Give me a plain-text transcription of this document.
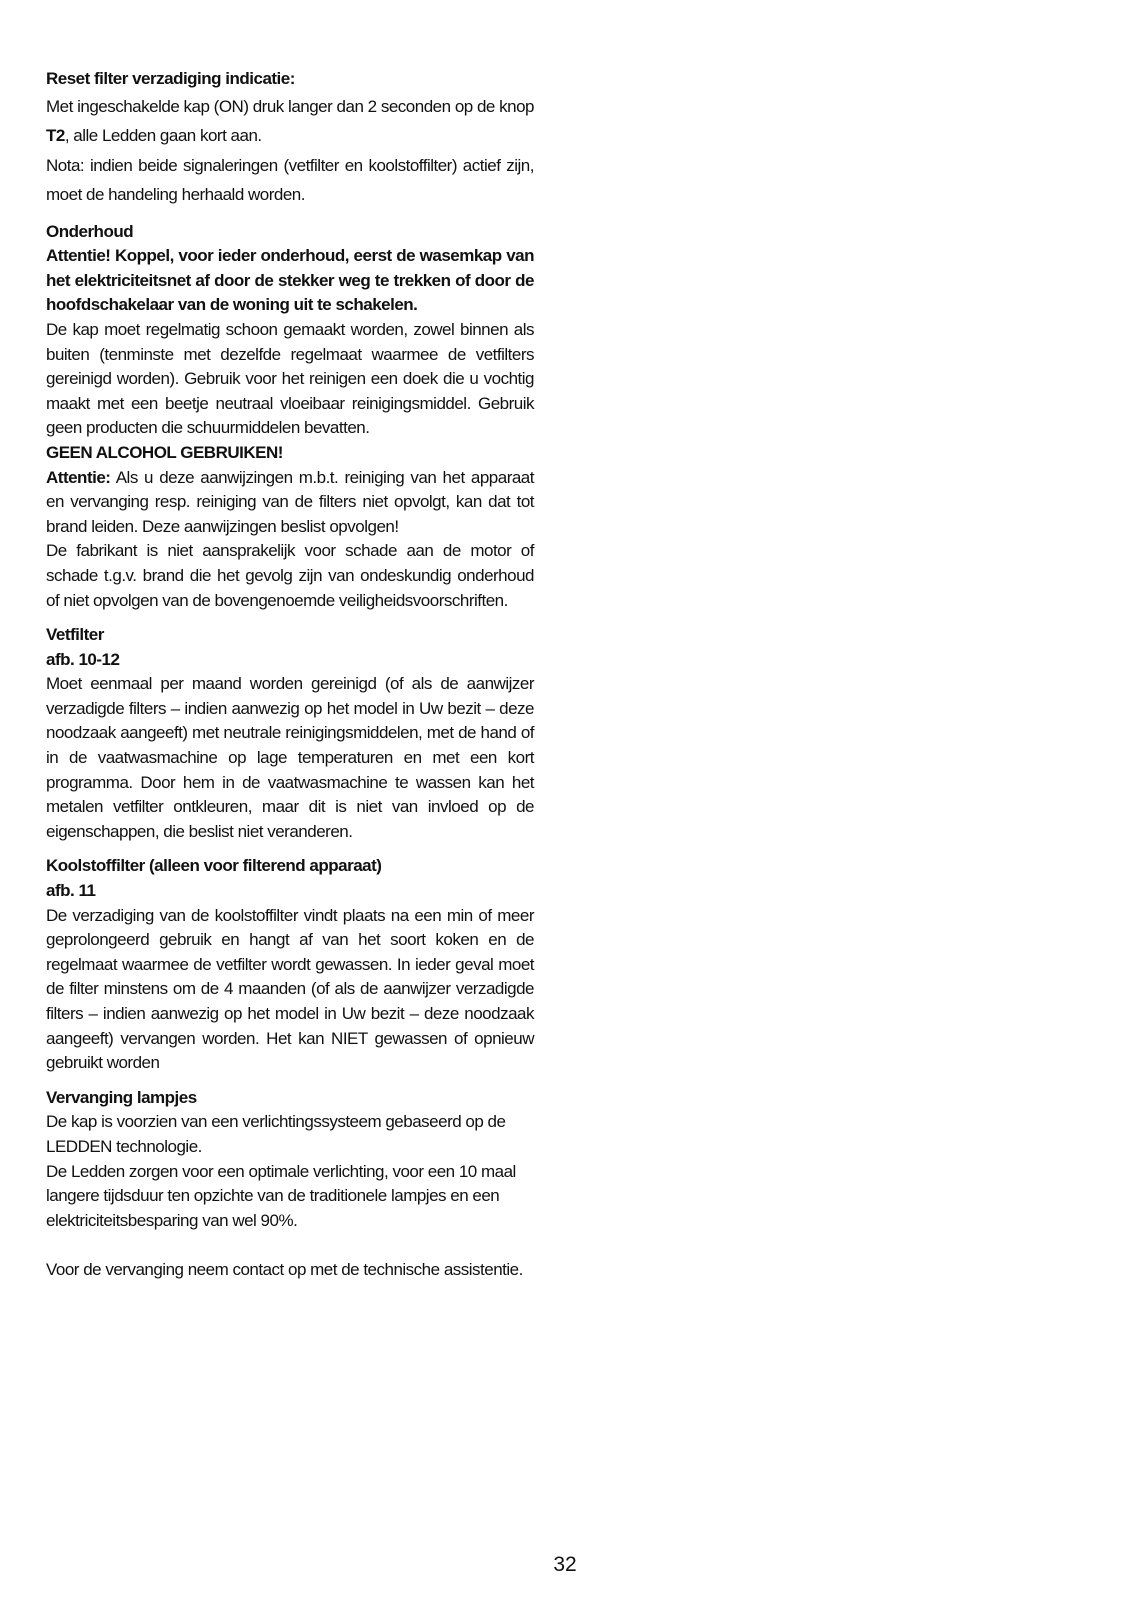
Reset filter verzadiging indicatie:
Met ingeschakelde kap (ON) druk langer dan 2 seconden op de knop T2, alle Ledden gaan kort aan.
Nota: indien beide signaleringen (vetfilter en koolstoffilter) actief zijn, moet de handeling herhaald worden.
Onderhoud
Attentie! Koppel, voor ieder onderhoud, eerst de wasemkap van het elektriciteitsnet af door de stekker weg te trekken of door de hoofdschakelaar van de woning uit te schakelen.
De kap moet regelmatig schoon gemaakt worden, zowel binnen als buiten (tenminste met dezelfde regelmaat waarmee de vetfilters gereinigd worden). Gebruik voor het reinigen een doek die u vochtig maakt met een beetje neutraal vloeibaar reinigingsmiddel. Gebruik geen producten die schuurmiddelen bevatten.
GEEN ALCOHOL GEBRUIKEN!
Attentie: Als u deze aanwijzingen m.b.t. reiniging van het apparaat en vervanging resp. reiniging van de filters niet opvolgt, kan dat tot brand leiden. Deze aanwijzingen beslist opvolgen!
De fabrikant is niet aansprakelijk voor schade aan de motor of schade t.g.v. brand die het gevolg zijn van ondeskundig onderhoud of niet opvolgen van de bovengenoemde veiligheidsvoorschriften.
Vetfilter
afb. 10-12
Moet eenmaal per maand worden gereinigd (of als de aanwijzer verzadigde filters – indien aanwezig op het model in Uw bezit – deze noodzaak aangeeft) met neutrale reinigingsmiddelen, met de hand of in de vaatwasmachine op lage temperaturen en met een kort programma. Door hem in de vaatwasmachine te wassen kan het metalen vetfilter ontkleuren, maar dit is niet van invloed op de eigenschappen, die beslist niet veranderen.
Koolstoffilter (alleen voor filterend apparaat)
afb. 11
De verzadiging van de koolstoffilter vindt plaats na een min of meer geprolongeerd gebruik en hangt af van het soort koken en de regelmaat waarmee de vetfilter wordt gewassen. In ieder geval moet de filter minstens om de 4 maanden (of als de aanwijzer verzadigde filters – indien aanwezig op het model in Uw bezit – deze noodzaak aangeeft) vervangen worden. Het kan NIET gewassen of opnieuw gebruikt worden
Vervanging lampjes
De kap is voorzien van een verlichtingssysteem gebaseerd op de LEDDEN technologie.
De Ledden zorgen voor een optimale verlichting, voor een 10 maal langere tijdsduur ten opzichte van de traditionele lampjes en een elektriciteitsbesparing van wel 90%.
Voor de vervanging neem contact op met de technische assistentie.
32
